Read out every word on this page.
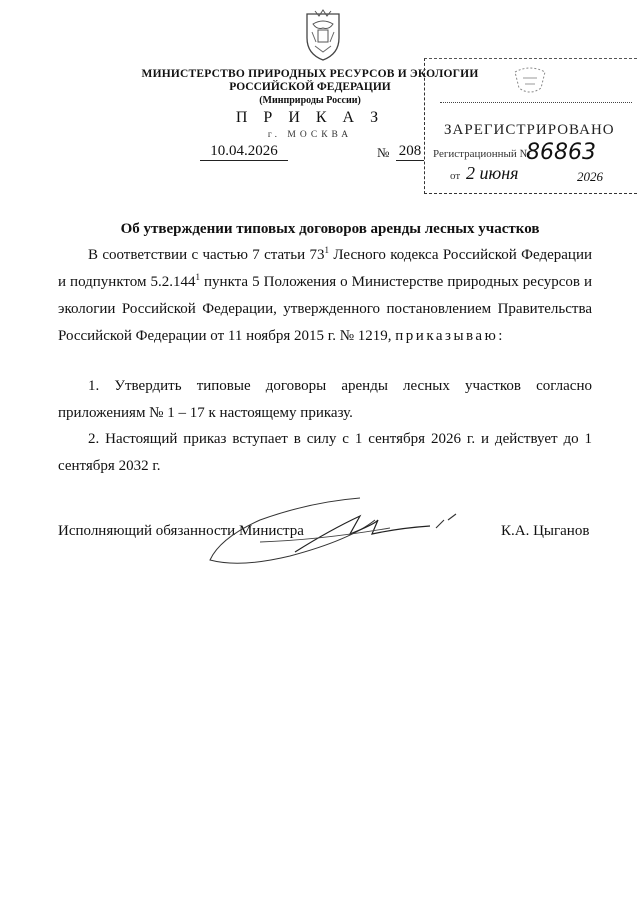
МИНИСТЕРСТВО ПРИРОДНЫХ РЕСУРСОВ И ЭКОЛОГИИ
РОССИЙСКОЙ ФЕДЕРАЦИИ
(Минприроды России)
П Р И К А З
г. МОСКВА
10.04.2026	№ 208
ЗАРЕГИСТРИРОВАНО
Регистрационный №
86863
от 2 июня	2026
Об утверждении типовых договоров аренды лесных участков
В соответствии с частью 7 статьи $73^1$ Лесного кодекса Российской Федерации и подпунктом 5.2.144$^1$ пункта 5 Положения о Министерстве природных ресурсов и экологии Российской Федерации, утвержденного постановлением Правительства Российской Федерации от 11 ноября 2015 г. № 1219, приказываю:
1. Утвердить типовые договоры аренды лесных участков согласно приложениям № 1 – 17 к настоящему приказу.
2. Настоящий приказ вступает в силу с 1 сентября 2026 г. и действует до 1 сентября 2032 г.
Исполняющий обязанности Министра	К.А. Цыганов
